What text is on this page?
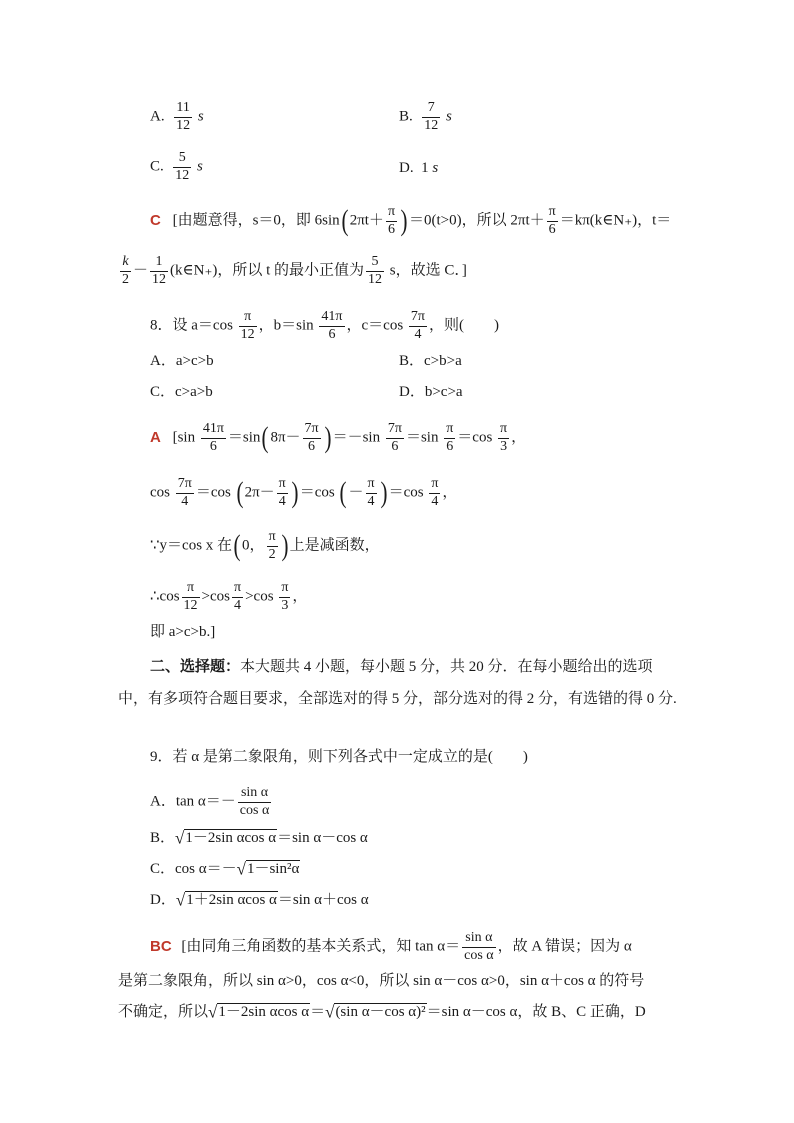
A. $\frac{11}{12}$ s	B. $\frac{7}{12}$ s
C. $\frac{5}{12}$ s	D. 1 s
C [由题意得，s＝0，即 6sin( $2\pi t+ \frac{\pi}{6}$ ) ＝0(t>0)，所以 $2\pi t+ \frac{\pi}{6}$ ＝kπ(k∈N₊)，t＝
$\frac{k}{2} - \frac{1}{12}$ (k∈N₊)，所以 t 的最小正值为 $\frac{5}{12}$ s，故选 C．]
8．设 $a=\cos \frac{\pi}{12}$ ，$b=\sin \frac{41\pi}{6}$ ，$c=\cos \frac{7\pi}{4}$ ，则(　　)
A．a>c>b	B．c>b>a
C．c>a>b	D．b>c>a
A [$\sin \frac{41\pi}{6} =\sin$( $8\pi- \frac{7\pi}{6}$ ) $=-\sin \frac{7\pi}{6} =\sin \frac{\pi}{6} =\cos \frac{\pi}{3}$ ，
$\cos \frac{7\pi}{4} =\cos$ ( $2\pi- \frac{\pi}{4}$ ) ＝cos ( － $\frac{\pi}{4}$ ) $=\cos \frac{\pi}{4}$ ，
∵y＝cos x 在( 0， $\frac{\pi}{2}$ ) 上是减函数，
∴cos $\frac{\pi}{12} >\cos \frac{\pi}{4} >\cos \frac{\pi}{3}$ ，
即 a>c>b.]

二、选择题：本大题共 4 小题，每小题 5 分，共 20 分．在每小题给出的选项中，有多项符合题目要求，全部选对的得 5 分，部分选对的得 2 分，有选错的得 0 分.

9．若 α 是第二象限角，则下列各式中一定成立的是(　　)
A．$\tan \alpha=- \frac{\text{sin α}}{\text{cos α}}$
B．√1－2sin αcos α＝sin α－cos α
C．cos α＝－√1－sin²α
D．√1＋2sin αcos α＝sin α＋cos α
BC [由同角三角函数的基本关系式，知 $\tan \alpha= \frac{\text{sin α}}{\text{cos α}}$ ，故 A 错误；因为 α
是第二象限角，所以 sin α>0，cos α<0，所以 sin α－cos α>0，sin α＋cos α 的符号
不确定，所以√1－2sin αcos α＝√(sin α－cos α)²＝sin α－cos α，故 B、C 正确，D
